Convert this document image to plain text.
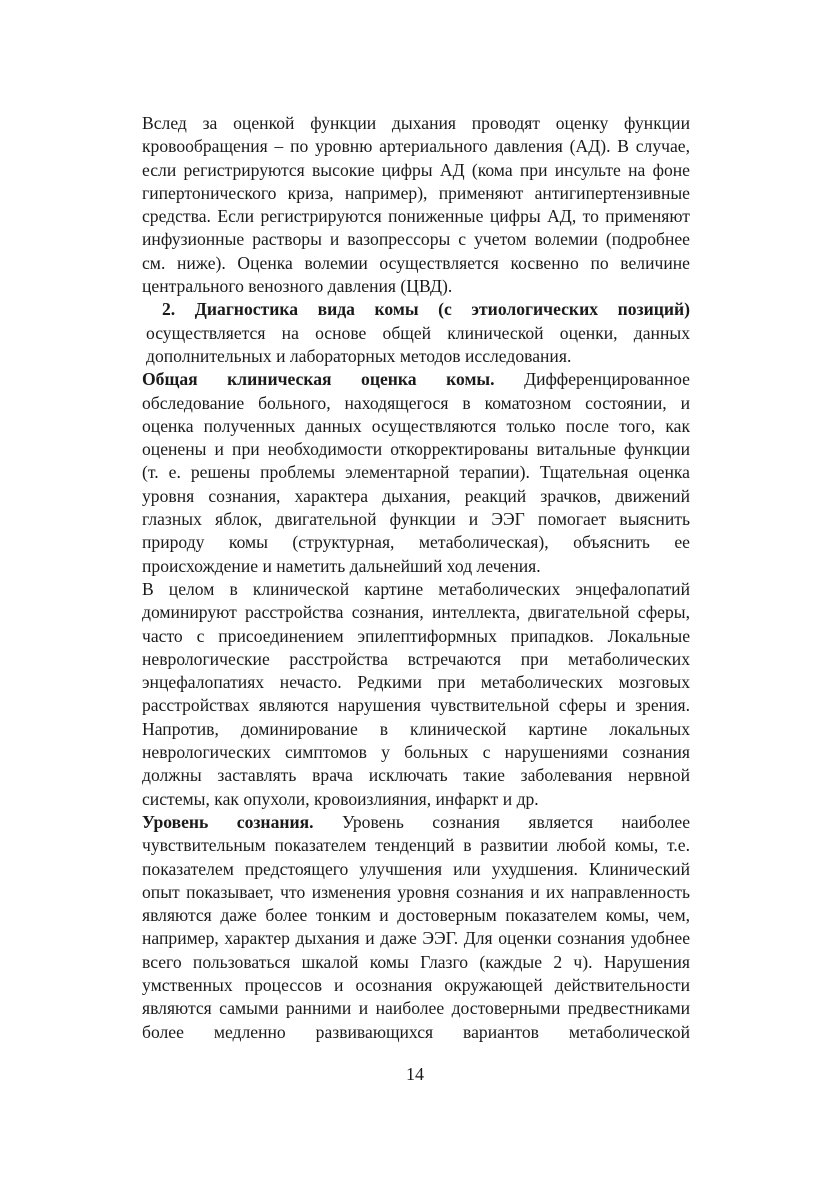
Вслед за оценкой функции дыхания проводят оценку функции
кровообращения – по уровню артериального давления (АД). В случае,
если регистрируются высокие цифры АД (кома при инсульте на фоне
гипертонического криза, например), применяют антигипертензивные
средства. Если регистрируются пониженные цифры АД, то применяют
инфузионные растворы и вазопрессоры с учетом волемии (подробнее
см. ниже). Оценка волемии осуществляется косвенно по величине
центрального венозного давления (ЦВД).
2. Диагностика вида комы (с этиологических позиций)
осуществляется на основе общей клинической оценки, данных
дополнительных и лабораторных методов исследования.
Общая клиническая оценка комы. Дифференцированное
обследование больного, находящегося в коматозном состоянии, и
оценка полученных данных осуществляются только после того, как
оценены и при необходимости откорректированы витальные функции
(т. е. решены проблемы элементарной терапии). Тщательная оценка
уровня сознания, характера дыхания, реакций зрачков, движений
глазных яблок, двигательной функции и ЭЭГ помогает выяснить
природу комы (структурная, метаболическая), объяснить ее
происхождение и наметить дальнейший ход лечения.
В целом в клинической картине метаболических энцефалопатий
доминируют расстройства сознания, интеллекта, двигательной сферы,
часто с присоединением эпилептиформных припадков. Локальные
неврологические расстройства встречаются при метаболических
энцефалопатиях нечасто. Редкими при метаболических мозговых
расстройствах являются нарушения чувствительной сферы и зрения.
Напротив, доминирование в клинической картине локальных
неврологических симптомов у больных с нарушениями сознания
должны заставлять врача исключать такие заболевания нервной
системы, как опухоли, кровоизлияния, инфаркт и др.
Уровень сознания. Уровень сознания является наиболее
чувствительным показателем тенденций в развитии любой комы, т.е.
показателем предстоящего улучшения или ухудшения. Клинический
опыт показывает, что изменения уровня сознания и их направленность
являются даже более тонким и достоверным показателем комы, чем,
например, характер дыхания и даже ЭЭГ. Для оценки сознания удобнее
всего пользоваться шкалой комы Глазго (каждые 2 ч). Нарушения
умственных процессов и осознания окружающей действительности
являются самыми ранними и наиболее достоверными предвестниками
более медленно развивающихся вариантов метаболической
14
